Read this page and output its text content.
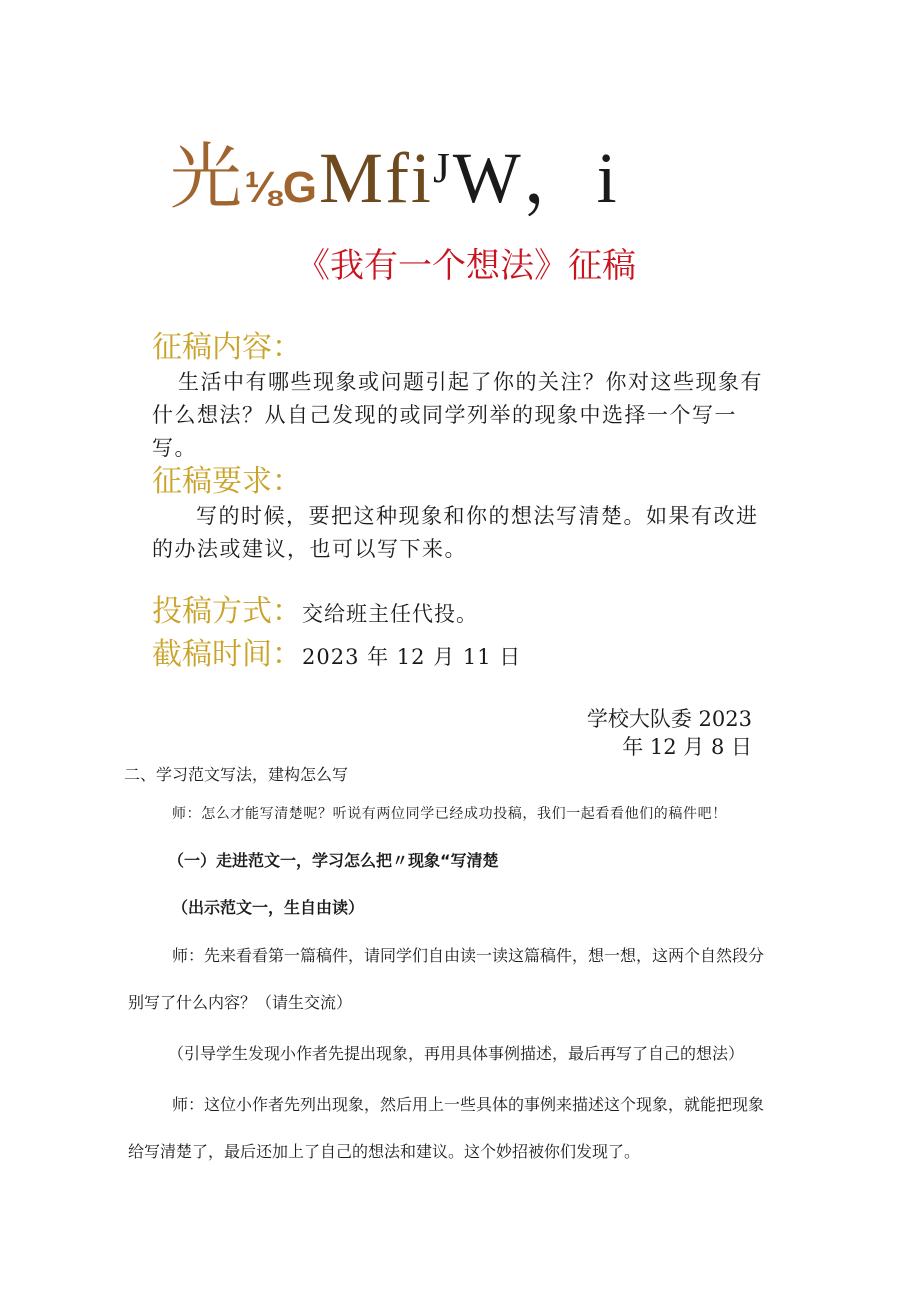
光⅛GMfiᴶW，i
《我有一个想法》征稿
征稿内容：
生活中有哪些现象或问题引起了你的关注？你对这些现象有
什么想法？从自己发现的或同学列举的现象中选择一个写一
写。
征稿要求：
写的时候，要把这种现象和你的想法写清楚。如果有改进
的办法或建议，也可以写下来。
投稿方式：交给班主任代投。
截稿时间：2023 年 12 月 11 日
学校大队委 2023
年 12 月 8 日
二、学习范文写法，建构怎么写
师：怎么才能写清楚呢？听说有两位同学已经成功投稿，我们一起看看他们的稿件吧！
（一）走进范文一，学习怎么把〃现象“写清楚
（出示范文一，生自由读）
师：先来看看第一篇稿件，请同学们自由读一读这篇稿件，想一想，这两个自然段分
别写了什么内容？（请生交流）
（引导学生发现小作者先提出现象，再用具体事例描述，最后再写了自己的想法）
师：这位小作者先列出现象，然后用上一些具体的事例来描述这个现象，就能把现象
给写清楚了，最后还加上了自己的想法和建议。这个妙招被你们发现了。
